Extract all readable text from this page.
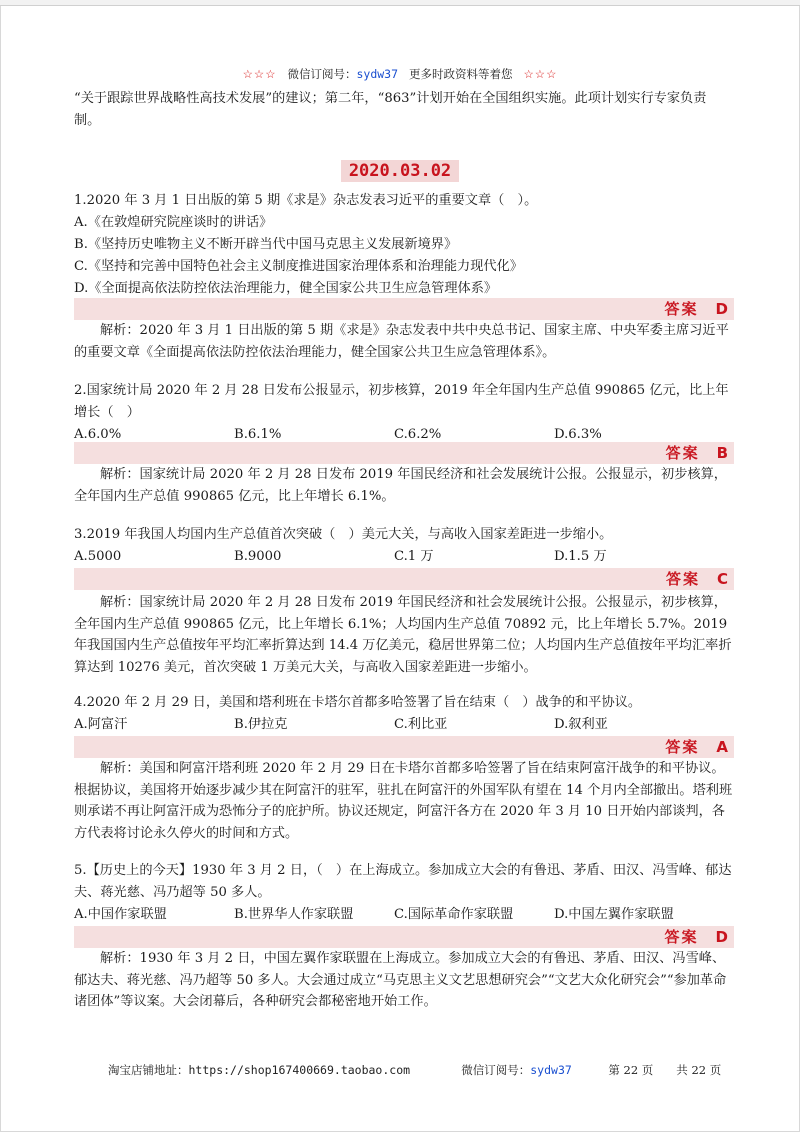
☆☆☆ 微信订阅号：sydw37 更多时政资料等着您 ☆☆☆
“关于跟踪世界战略性高技术发展”的建议；第二年，“863”计划开始在全国组织实施。此项计划实行专家负责制。
2020.03.02
1.2020 年 3 月 1 日出版的第 5 期《求是》杂志发表习近平的重要文章（　）。
A.《在敦煌研究院座谈时的讲话》
B.《坚持历史唯物主义不断开辟当代中国马克思主义发展新境界》
C.《坚持和完善中国特色社会主义制度推进国家治理体系和治理能力现代化》
D.《全面提高依法防控依法治理能力，健全国家公共卫生应急管理体系》
答案　D
解析：2020 年 3 月 1 日出版的第 5 期《求是》杂志发表中共中央总书记、国家主席、中央军委主席习近平的重要文章《全面提高依法防控依法治理能力，健全国家公共卫生应急管理体系》。
2.国家统计局 2020 年 2 月 28 日发布公报显示，初步核算，2019 年全年国内生产总值 990865 亿元，比上年增长（　）
A.6.0%	B.6.1%	C.6.2%	D.6.3%
答案　B
解析：国家统计局 2020 年 2 月 28 日发布 2019 年国民经济和社会发展统计公报。公报显示，初步核算，全年国内生产总值 990865 亿元，比上年增长 6.1%。
3.2019 年我国人均国内生产总值首次突破（　）美元大关，与高收入国家差距进一步缩小。
A.5000	B.9000	C.1 万	D.1.5 万
答案　C
解析：国家统计局 2020 年 2 月 28 日发布 2019 年国民经济和社会发展统计公报。公报显示，初步核算，全年国内生产总值 990865 亿元，比上年增长 6.1%；人均国内生产总值 70892 元，比上年增长 5.7%。2019 年我国国内生产总值按年平均汇率折算达到 14.4 万亿美元，稳居世界第二位；人均国内生产总值按年平均汇率折算达到 10276 美元，首次突破 1 万美元大关，与高收入国家差距进一步缩小。
4.2020 年 2 月 29 日，美国和塔利班在卡塔尔首都多哈签署了旨在结束（　）战争的和平协议。
A.阿富汗	B.伊拉克	C.利比亚	D.叙利亚
答案　A
解析：美国和阿富汗塔利班 2020 年 2 月 29 日在卡塔尔首都多哈签署了旨在结束阿富汗战争的和平协议。根据协议，美国将开始逐步减少其在阿富汗的驻军，驻扎在阿富汗的外国军队有望在 14 个月内全部撤出。塔利班则承诺不再让阿富汗成为恐怖分子的庇护所。协议还规定，阿富汗各方在 2020 年 3 月 10 日开始内部谈判，各方代表将讨论永久停火的时间和方式。
5.【历史上的今天】1930 年 3 月 2 日，（　）在上海成立。参加成立大会的有鲁迅、茅盾、田汉、冯雪峰、郁达夫、蒋光慈、冯乃超等 50 多人。
A.中国作家联盟	B.世界华人作家联盟	C.国际革命作家联盟	D.中国左翼作家联盟
答案　D
解析：1930 年 3 月 2 日，中国左翼作家联盟在上海成立。参加成立大会的有鲁迅、茅盾、田汉、冯雪峰、郁达夫、蒋光慈、冯乃超等 50 多人。大会通过成立“马克思主义文艺思想研究会”“文艺大众化研究会”“参加革命诸团体”等议案。大会闭幕后，各种研究会都秘密地开始工作。
淘宝店铺地址：https://shop167400669.taobao.com	微信订阅号：sydw37	第 22 页　　共 22 页
